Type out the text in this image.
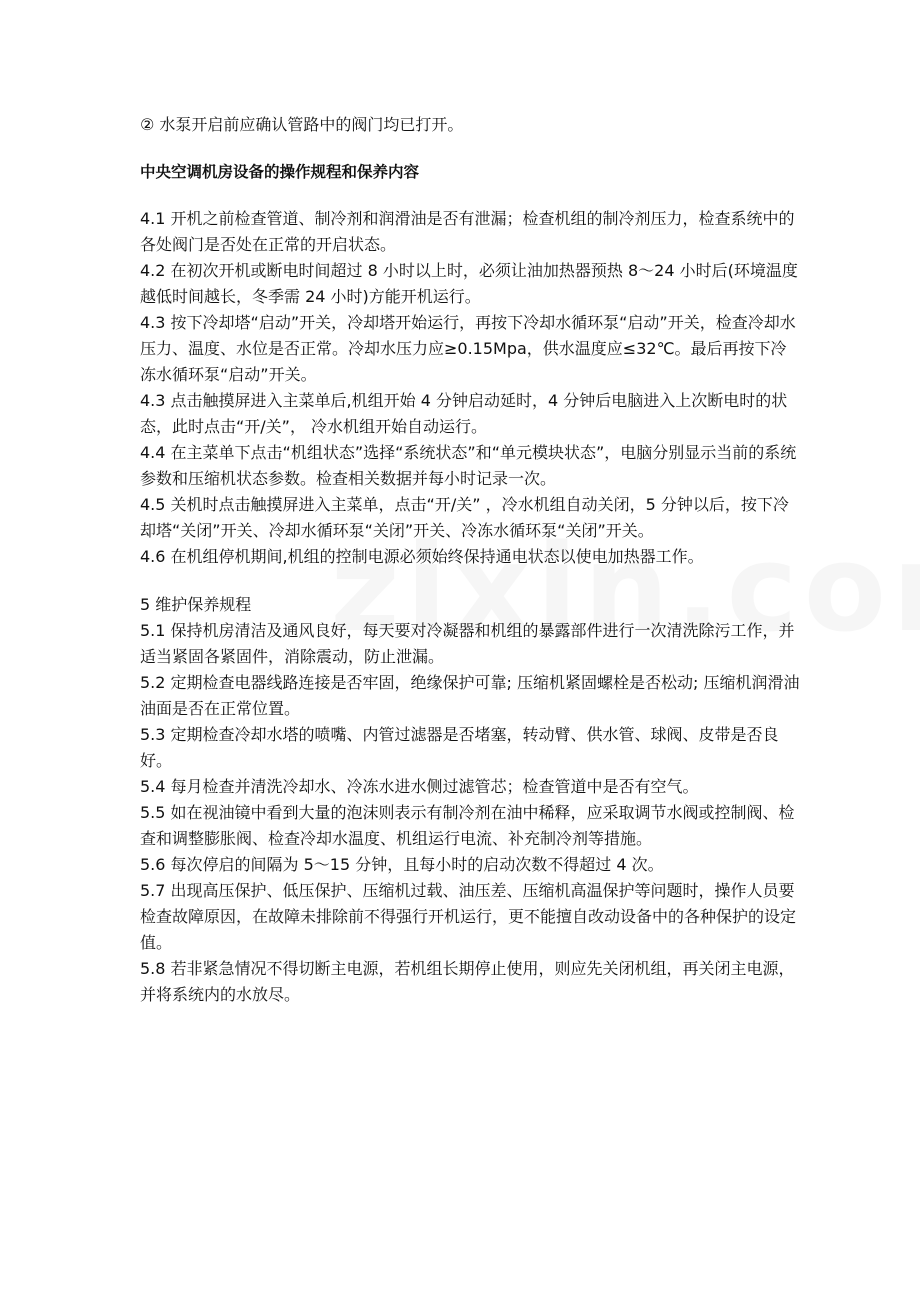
② 水泵开启前应确认管路中的阀门均已打开。

中央空调机房设备的操作规程和保养内容

4.1 开机之前检查管道、制冷剂和润滑油是否有泄漏；检查机组的制冷剂压力，检查系统中的各处阀门是否处在正常的开启状态。

4.2 在初次开机或断电时间超过 8 小时以上时，必须让油加热器预热 8～24 小时后(环境温度越低时间越长，冬季需 24 小时)方能开机运行。

4.3 按下冷却塔“启动”开关，冷却塔开始运行，再按下冷却水循环泵“启动”开关，检查冷却水压力、温度、水位是否正常。冷却水压力应≥0.15Mpa，供水温度应≤32℃。最后再按下冷冻水循环泵“启动”开关。

4.3 点击触摸屏进入主菜单后,机组开始 4 分钟启动延时，4 分钟后电脑进入上次断电时的状态，此时点击“开/关”， 冷水机组开始自动运行。

4.4 在主菜单下点击“机组状态”选择“系统状态”和“单元模块状态”，电脑分别显示当前的系统参数和压缩机状态参数。检查相关数据并每小时记录一次。

4.5 关机时点击触摸屏进入主菜单，点击“开/关” ，冷水机组自动关闭，5 分钟以后，按下冷却塔“关闭”开关、冷却水循环泵“关闭”开关、冷冻水循环泵“关闭”开关。

4.6 在机组停机期间,机组的控制电源必须始终保持通电状态以使电加热器工作。

5 维护保养规程

5.1 保持机房清洁及通风良好，每天要对冷凝器和机组的暴露部件进行一次清洗除污工作，并适当紧固各紧固件，消除震动，防止泄漏。

5.2 定期检查电器线路连接是否牢固，绝缘保护可靠; 压缩机紧固螺栓是否松动; 压缩机润滑油油面是否在正常位置。

5.3 定期检查冷却水塔的喷嘴、内管过滤器是否堵塞，转动臂、供水管、球阀、皮带是否良好。

5.4 每月检查并清洗冷却水、冷冻水进水侧过滤管芯；检查管道中是否有空气。

5.5 如在视油镜中看到大量的泡沫则表示有制冷剂在油中稀释，应采取调节水阀或控制阀、检查和调整膨胀阀、检查冷却水温度、机组运行电流、补充制冷剂等措施。

5.6 每次停启的间隔为 5～15 分钟，且每小时的启动次数不得超过 4 次。

5.7 出现高压保护、低压保护、压缩机过载、油压差、压缩机高温保护等问题时，操作人员要检查故障原因，在故障未排除前不得强行开机运行，更不能擅自改动设备中的各种保护的设定值。

5.8 若非紧急情况不得切断主电源，若机组长期停止使用，则应先关闭机组，再关闭主电源，并将系统内的水放尽。
